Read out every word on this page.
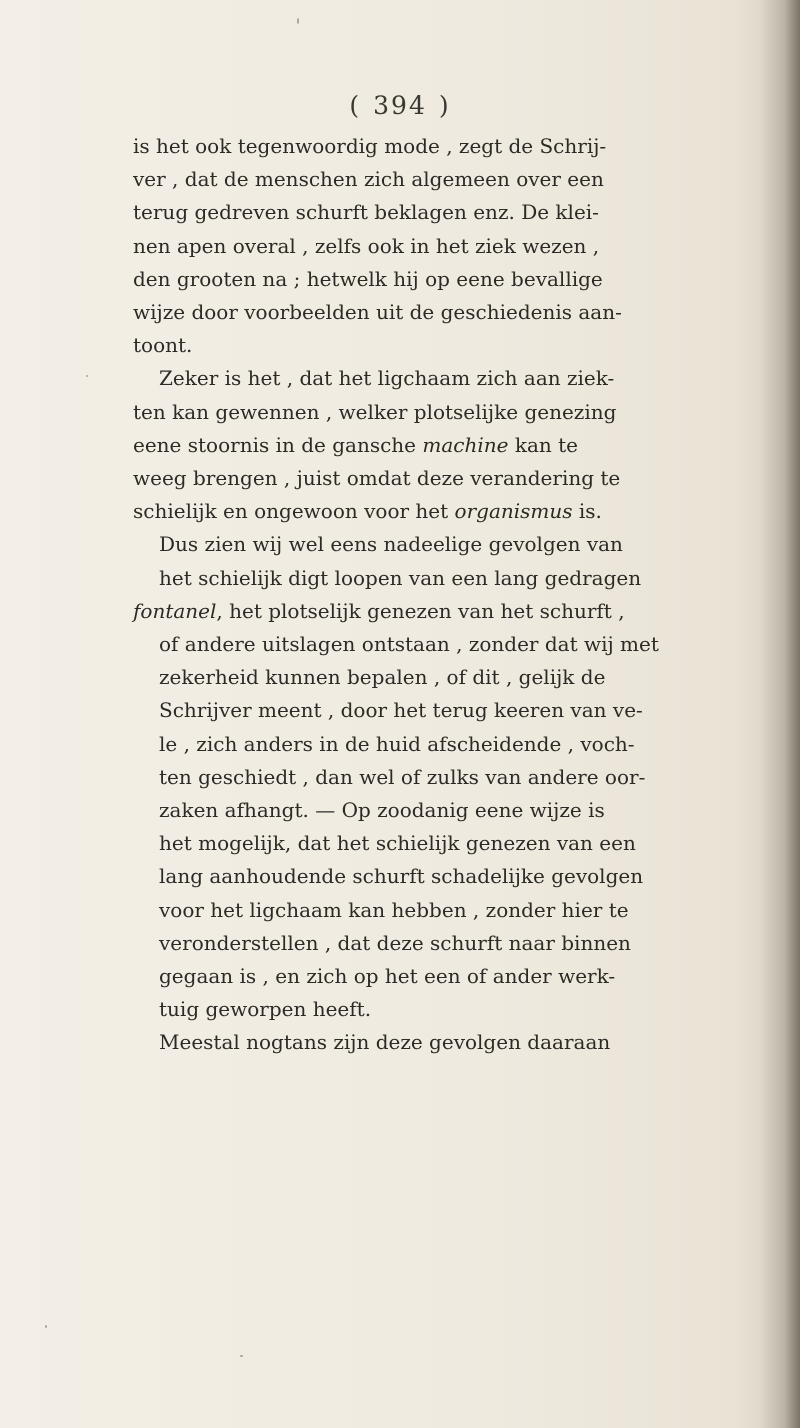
( 394 )
is het ook tegenwoordig mode , zegt de Schrij-
ver , dat de menschen zich algemeen over een
terug gedreven schurft beklagen enz. De klei-
nen apen overal , zelfs ook in het ziek wezen ,
den grooten na ; hetwelk hij op eene bevallige
wijze door voorbeelden uit de geschiedenis aan-
toont.
Zeker is het , dat het ligchaam zich aan ziek-
ten kan gewennen , welker plotselijke genezing
eene stoornis in de gansche machine kan te
weeg brengen , juist omdat deze verandering te
schielijk en ongewoon voor het organismus is.
Dus zien wij wel eens nadeelige gevolgen van
het schielijk digt loopen van een lang gedragen
fontanel, het plotselijk genezen van het schurft ,
of andere uitslagen ontstaan , zonder dat wij met
zekerheid kunnen bepalen , of dit , gelijk de
Schrijver meent , door het terug keeren van ve-
le , zich anders in de huid afscheidende , voch-
ten geschiedt , dan wel of zulks van andere oor-
zaken afhangt. — Op zoodanig eene wijze is
het mogelijk, dat het schielijk genezen van een
lang aanhoudende schurft schadelijke gevolgen
voor het ligchaam kan hebben , zonder hier te
veronderstellen , dat deze schurft naar binnen
gegaan is , en zich op het een of ander werk-
tuig geworpen heeft.
Meestal nogtans zijn deze gevolgen daaraan
